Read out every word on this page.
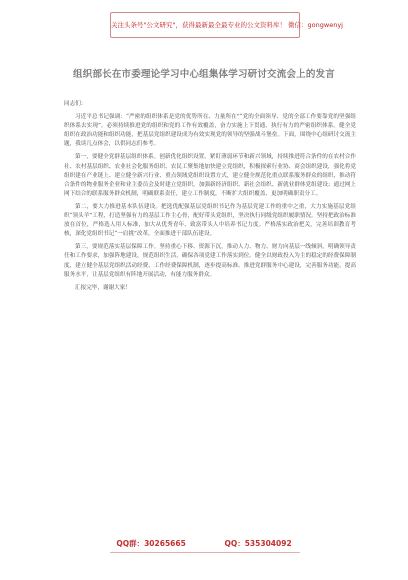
关注头条号"公文研究"，获得最新最全最专业的公文资料库！ 微信：gongwenyj
组织部长在市委理论学习中心组集体学习研讨交流会上的发言

同志们：

习近平总书记强调：“严密的组织体系是党的优势所在、力量所在”“党的全面领导、党的全部工作要靠党的坚强组织体系去实现”。必须持续推进党的组织和党的工作有效覆盖，奋力实施上下贯通、执行有力的严密组织体系。健全党组织在政治功能和组织功能，把基层党组织建设成为有效实现党的领导的坚强战斗堡垒。下面，围绕中心组研讨交流主题，我谈几点体会，以供同志们参考。

第一，要健全党群基层组织体系。创新优化组织设置，紧盯薄弱环节和新兴领域，持续推进符合条件的在农村合作社、农村基层组织、农业社会化服务组织、农民工聚集地加快建立党组织，积极探索行业协、商会组织建设，强化将党组织建在产业链上、建立健全新兴行业、重点领域党组织设置方式，建立健全规范化重点联系服务群众的组织，推动符合条件的物业服务企业和业主委员会及时建立党组织，加强新经济组织、新社会组织、新就业群体党组建设；通过网上网下结合的联系服务群众机制，明确联系责任，建立工作制度，不断扩大组织覆盖，更加明确职责分工。

第二，要大力推进基本队伍建设。把选优配强基层党组织书记作为基层党建工作的重中之重，大力实施基层党组织“领头羊”工程，打造坚强有力的基层工作主心骨，配好带头党组织，坚决执行同级党组织履职情况。坚持把政治标准放在首位，严格选人用人标准，加大从优秀青年、致富带头人中培养书记力度。严格落实政治把关，完善培训教育考核，深化党组织书记“一肩挑”改革，全面推进干部队伍建设。

第三，要规范落实基层保障工作。坚持重心下移、资源下沉，推动人力、物力、财力向基层一线倾斜，明确领导责任和工作要求，加强阵地建设，规范组织生活，确保各项党建工作落实到位。健全以财政投入为主的稳定的经费保障制度，建立健全基层党组织活动经费、工作经费保障机制，逐步提高标准。推进党群服务中心建设，完善服务功能，提高服务水平，让基层党组织有阵地开展活动，有能力服务群众。

汇报完毕，谢谢大家！

QQ群：30265665	QQ：535304092
